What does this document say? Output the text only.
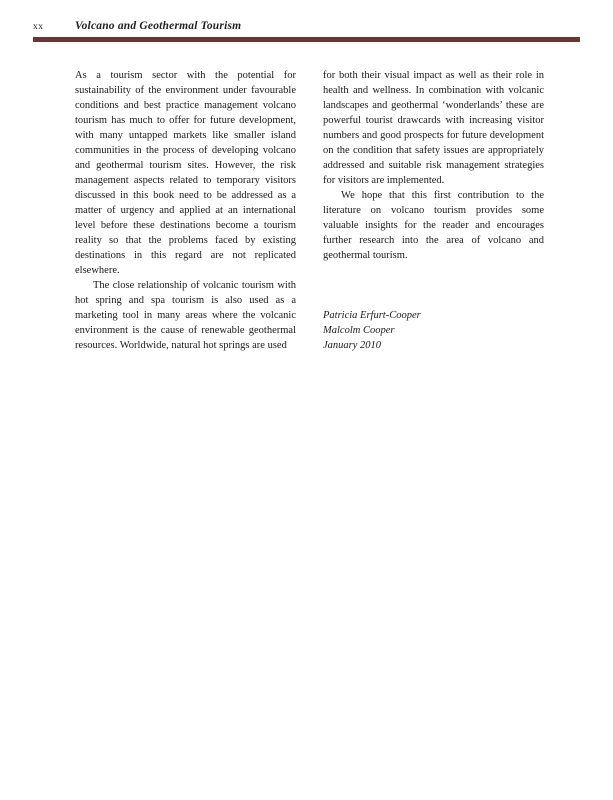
xx	Volcano and Geothermal Tourism

As a tourism sector with the potential for sustainability of the environment under favourable conditions and best practice management volcano tourism has much to offer for future development, with many untapped markets like smaller island communities in the process of developing volcano and geothermal tourism sites. However, the risk management aspects related to temporary visitors discussed in this book need to be addressed as a matter of urgency and applied at an international level before these destinations become a tourism reality so that the problems faced by existing destinations in this regard are not replicated elsewhere.

The close relationship of volcanic tourism with hot spring and spa tourism is also used as a marketing tool in many areas where the volcanic environment is the cause of renewable geothermal resources. Worldwide, natural hot springs are used

for both their visual impact as well as their role in health and wellness. In combination with volcanic landscapes and geothermal ‘wonderlands’ these are powerful tourist drawcards with increasing visitor numbers and good prospects for future development on the condition that safety issues are appropriately addressed and suitable risk management strategies for visitors are implemented.

We hope that this first contribution to the literature on volcano tourism provides some valuable insights for the reader and encourages further research into the area of volcano and geothermal tourism.

Patricia Erfurt-Cooper

Malcolm Cooper

January 2010
